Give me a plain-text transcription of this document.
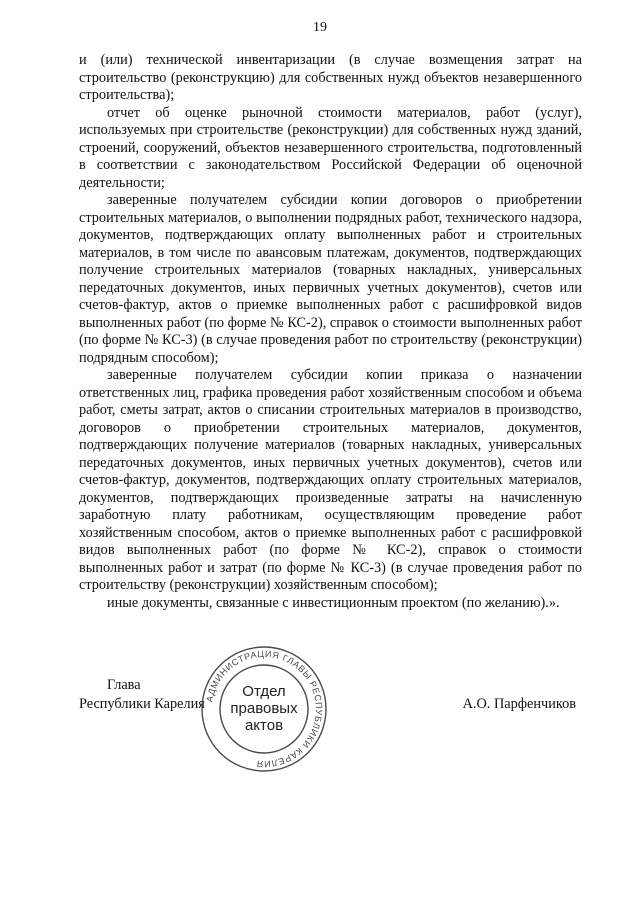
19

и (или) технической инвентаризации (в случае возмещения затрат на строительство (реконструкцию) для собственных нужд объектов незавершенного строительства);

отчет об оценке рыночной стоимости материалов, работ (услуг), используемых при строительстве (реконструкции) для собственных нужд зданий, строений, сооружений, объектов незавершенного строительства, подготовленный в соответствии с законодательством Российской Федерации об оценочной деятельности;

заверенные получателем субсидии копии договоров о приобретении строительных материалов, о выполнении подрядных работ, технического надзора, документов, подтверждающих оплату выполненных работ и строительных материалов, в том числе по авансовым платежам, документов, подтверждающих получение строительных материалов (товарных накладных, универсальных передаточных документов, иных первичных учетных документов), счетов или счетов-фактур, актов о приемке выполненных работ с расшифровкой видов выполненных работ (по форме № КС-2), справок о стоимости выполненных работ (по форме № КС-3) (в случае проведения работ по строительству (реконструкции) подрядным способом);

заверенные получателем субсидии копии приказа о назначении ответственных лиц, графика проведения работ хозяйственным способом и объема работ, сметы затрат, актов о списании строительных материалов в производство, договоров о приобретении строительных материалов, документов, подтверждающих получение материалов (товарных накладных, универсальных передаточных документов, иных первичных учетных документов), счетов или счетов-фактур, документов, подтверждающих оплату строительных материалов, документов, подтверждающих произведенные затраты на начисленную заработную плату работникам, осуществляющим проведение работ хозяйственным способом, актов о приемке выполненных работ с расшифровкой видов выполненных работ (по форме № КС-2), справок о стоимости выполненных работ и затрат (по форме № КС-3) (в случае проведения работ по строительству (реконструкции) хозяйственным способом);

иные документы, связанные с инвестиционным проектом (по желанию).».

Глава
Республики Карелия	А.О. Парфенчиков
АДМИНИСТРАЦИЯ ГЛАВЫ РЕСПУБЛИКИ КАРЕЛИЯ
Отдел
правовых
актов
